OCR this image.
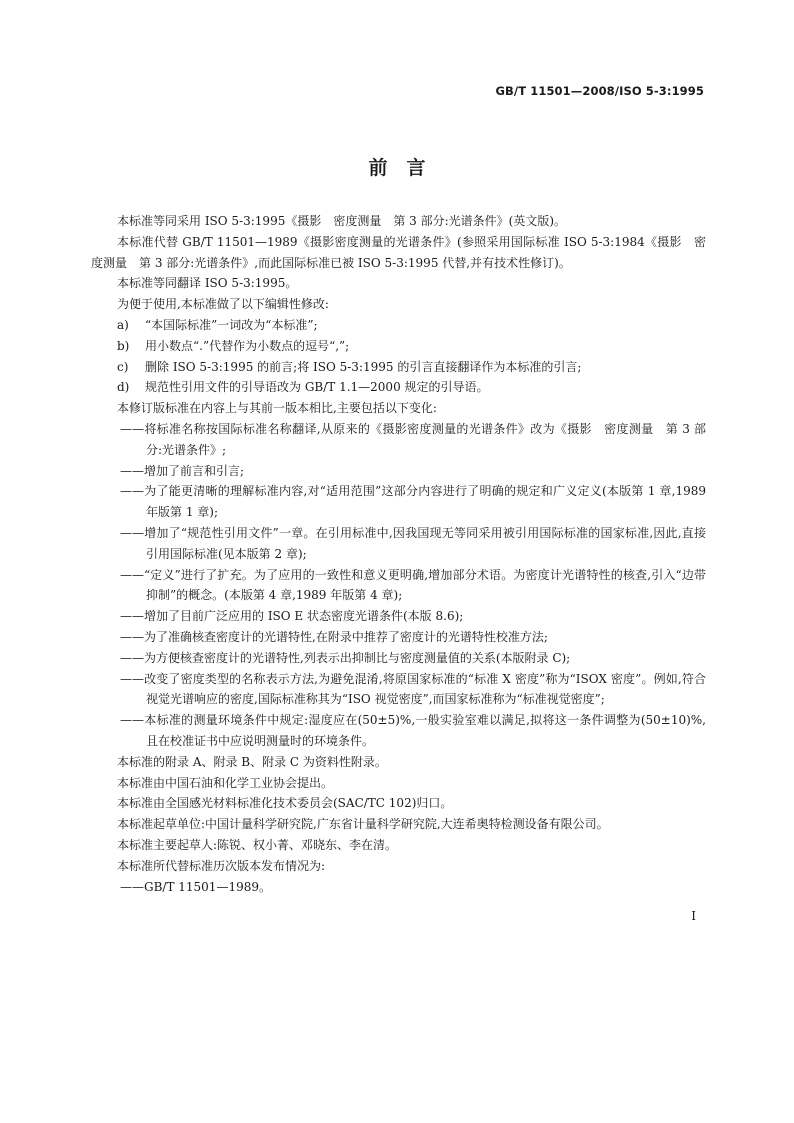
GB/T 11501—2008/ISO 5-3:1995
前　言
本标准等同采用 ISO 5-3:1995《摄影　密度测量　第 3 部分:光谱条件》(英文版)。
本标准代替 GB/T 11501—1989《摄影密度测量的光谱条件》(参照采用国际标准 ISO 5-3:1984《摄影　密度测量　第 3 部分:光谱条件》,而此国际标准已被 ISO 5-3:1995 代替,并有技术性修订)。
本标准等同翻译 ISO 5-3:1995。
为便于使用,本标准做了以下编辑性修改:
a) “本国际标准”一词改为“本标准”;
b) 用小数点“.”代替作为小数点的逗号“,”;
c) 删除 ISO 5-3:1995 的前言;将 ISO 5-3:1995 的引言直接翻译作为本标准的引言;
d) 规范性引用文件的引导语改为 GB/T 1.1—2000 规定的引导语。
本修订版标准在内容上与其前一版本相比,主要包括以下变化:
——将标准名称按国际标准名称翻译,从原来的《摄影密度测量的光谱条件》改为《摄影　密度测量　第 3 部分:光谱条件》;
——增加了前言和引言;
——为了能更清晰的理解标准内容,对“适用范围”这部分内容进行了明确的规定和广义定义(本版第 1 章,1989 年版第 1 章);
——增加了“规范性引用文件”一章。在引用标准中,因我国现无等同采用被引用国际标准的国家标准,因此,直接引用国际标准(见本版第 2 章);
——“定义”进行了扩充。为了应用的一致性和意义更明确,增加部分术语。为密度计光谱特性的核查,引入“边带抑制”的概念。(本版第 4 章,1989 年版第 4 章);
——增加了目前广泛应用的 ISO E 状态密度光谱条件(本版 8.6);
——为了准确核查密度计的光谱特性,在附录中推荐了密度计的光谱特性校准方法;
——为方便核查密度计的光谱特性,列表示出抑制比与密度测量值的关系(本版附录 C);
——改变了密度类型的名称表示方法,为避免混淆,将原国家标准的“标准 X 密度”称为“ISOX 密度”。例如,符合视觉光谱响应的密度,国际标准称其为“ISO 视觉密度”,而国家标准称为“标准视觉密度”;
——本标准的测量环境条件中规定:湿度应在(50±5)%,一般实验室难以满足,拟将这一条件调整为(50±10)%,且在校准证书中应说明测量时的环境条件。
本标准的附录 A、附录 B、附录 C 为资料性附录。
本标准由中国石油和化学工业协会提出。
本标准由全国感光材料标准化技术委员会(SAC/TC 102)归口。
本标准起草单位:中国计量科学研究院,广东省计量科学研究院,大连希奥特检测设备有限公司。
本标准主要起草人:陈锐、权小菁、邓晓东、李在清。
本标准所代替标准历次版本发布情况为:
——GB/T 11501—1989。
I
